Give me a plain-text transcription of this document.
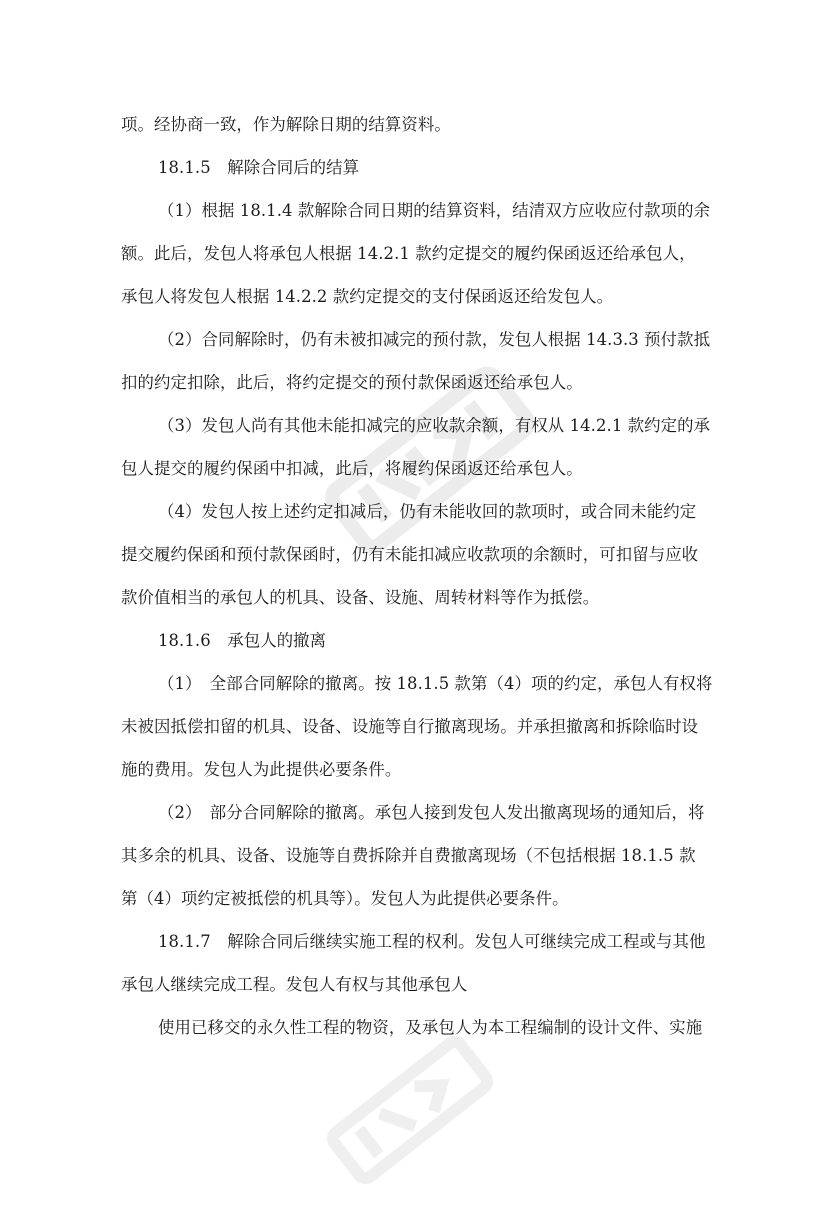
项。经协商一致，作为解除日期的结算资料。

18.1.5　解除合同后的结算

（1）根据 18.1.4 款解除合同日期的结算资料，结清双方应收应付款项的余

额。此后，发包人将承包人根据 14.2.1 款约定提交的履约保函返还给承包人，

承包人将发包人根据 14.2.2 款约定提交的支付保函返还给发包人。

（2）合同解除时，仍有未被扣减完的预付款，发包人根据 14.3.3 预付款抵

扣的约定扣除，此后，将约定提交的预付款保函返还给承包人。

（3）发包人尚有其他未能扣减完的应收款余额，有权从 14.2.1 款约定的承

包人提交的履约保函中扣减，此后，将履约保函返还给承包人。

（4）发包人按上述约定扣减后，仍有未能收回的款项时，或合同未能约定

提交履约保函和预付款保函时，仍有未能扣减应收款项的余额时，可扣留与应收

款价值相当的承包人的机具、设备、设施、周转材料等作为抵偿。

18.1.6　承包人的撤离

（1）　全部合同解除的撤离。按 18.1.5 款第（4）项的约定，承包人有权将

未被因抵偿扣留的机具、设备、设施等自行撤离现场。并承担撤离和拆除临时设

施的费用。发包人为此提供必要条件。

（2）　部分合同解除的撤离。承包人接到发包人发出撤离现场的通知后，将

其多余的机具、设备、设施等自费拆除并自费撤离现场（不包括根据 18.1.5 款

第（4）项约定被抵偿的机具等）。发包人为此提供必要条件。

18.1.7　解除合同后继续实施工程的权利。发包人可继续完成工程或与其他

承包人继续完成工程。发包人有权与其他承包人

使用已移交的永久性工程的物资，及承包人为本工程编制的设计文件、实施
